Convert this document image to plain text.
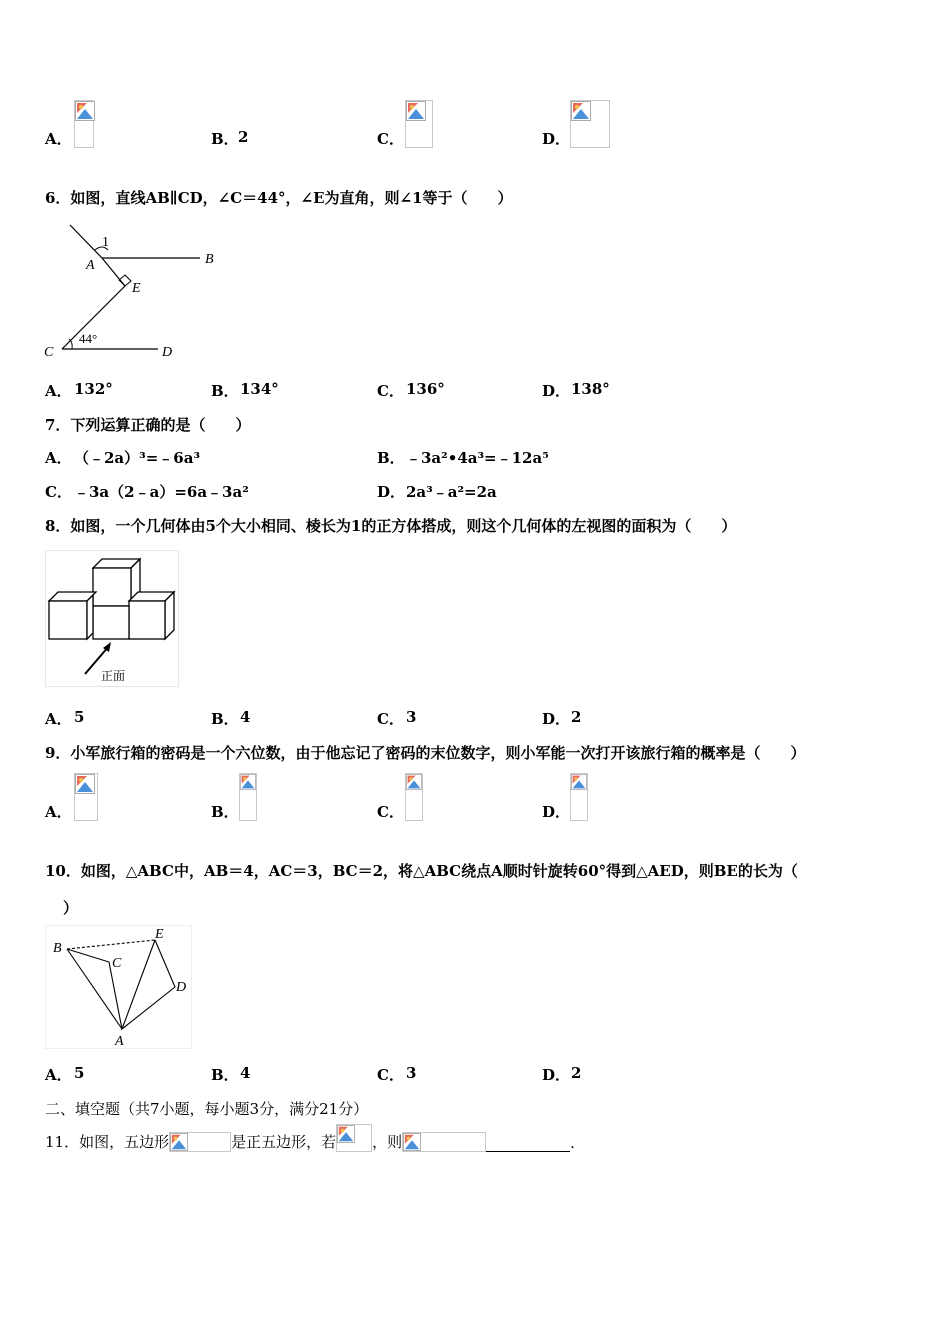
A．	B． 2	C．	D．
6．如图，直线AB∥CD，∠C＝44°，∠E为直角，则∠1等于（　　）
1
A	B
E
C	D
44°
A． 132°	B． 134°	C． 136°	D． 138°
7．下列运算正确的是（　　）
A． （﹣2a）³=﹣6a³	B． ﹣3a²•4a³=﹣12a⁵
C． ﹣3a（2﹣a）=6a﹣3a²	D． 2a³﹣a²=2a
8．如图，一个几何体由5个大小相同、棱长为1的正方体搭成，则这个几何体的左视图的面积为（　　）
正面
A． 5	B． 4	C． 3	D． 2
9．小军旅行箱的密码是一个六位数，由于他忘记了密码的末位数字，则小军能一次打开该旅行箱的概率是（　　）
A．	B．	C．	D．
10．如图，△ABC中，AB＝4，AC＝3，BC＝2，将△ABC绕点A顺时针旋转60°得到△AED，则BE的长为（
）
B
C
E
D
A
A． 5	B． 4	C． 3	D． 2
二、填空题（共7小题，每小题3分，满分21分）
11．如图，五边形	是正五边形，若 ，则	.
